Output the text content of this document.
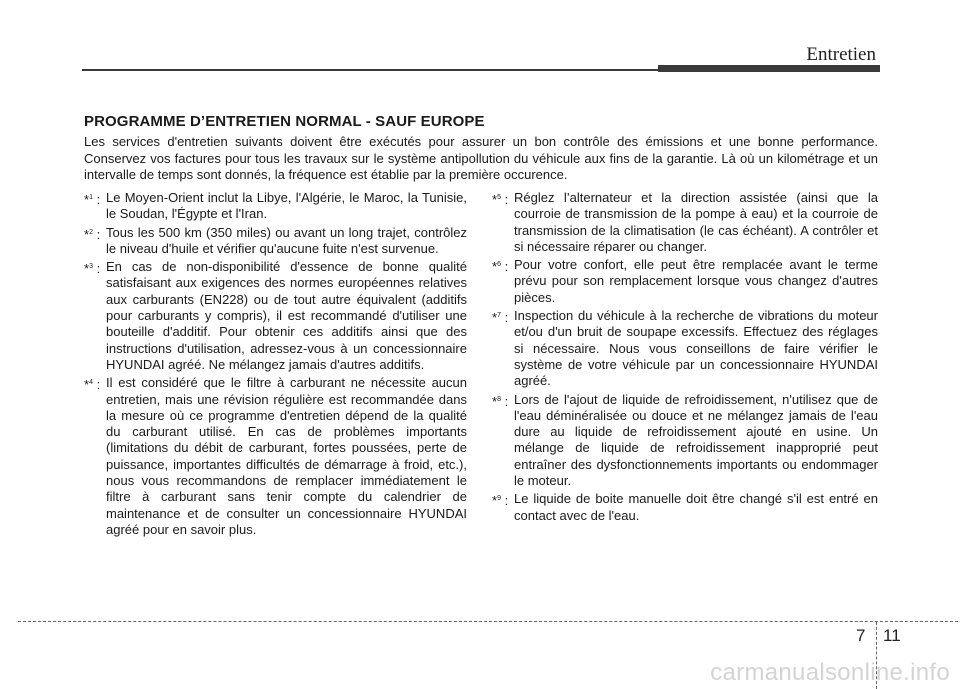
Entretien
PROGRAMME D’ENTRETIEN NORMAL - SAUF EUROPE
Les services d'entretien suivants doivent être exécutés pour assurer un bon contrôle des émissions et une bonne performance. Conservez vos factures pour tous les travaux sur le système antipollution du véhicule aux fins de la garantie. Là où un kilométrage et un intervalle de temps sont donnés, la fréquence est établie par la première occurence.
*$^1$ : Le Moyen-Orient inclut la Libye, l'Algérie, le Maroc, la Tunisie, le Soudan, l'Égypte et l'Iran.
*$^2$ : Tous les 500 km (350 miles) ou avant un long trajet, contrôlez le niveau d'huile et vérifier qu'aucune fuite n'est survenue.
*$^3$ : En cas de non-disponibilité d'essence de bonne qualité satisfaisant aux exigences des normes européennes relatives aux carburants (EN228) ou de tout autre équivalent (additifs pour carburants y compris), il est recommandé d'utiliser une bouteille d'additif. Pour obtenir ces additifs ainsi que des instructions d'utilisation, adressez-vous à un concessionnaire HYUNDAI agréé. Ne mélangez jamais d'autres additifs.
*$^4$ : Il est considéré que le filtre à carburant ne nécessite aucun entretien, mais une révision régulière est recommandée dans la mesure où ce programme d'entretien dépend de la qualité du carburant utilisé. En cas de problèmes importants (limitations du débit de carburant, fortes poussées, perte de puissance, importantes difficultés de démarrage à froid, etc.), nous vous recommandons de remplacer immédiatement le filtre à carburant sans tenir compte du calendrier de maintenance et de consulter un concessionnaire HYUNDAI agréé pour en savoir plus.
*$^5$ : Réglez l’alternateur et la direction assistée (ainsi que la courroie de transmission de la pompe à eau) et la courroie de transmission de la climatisation (le cas échéant). A contrôler et si nécessaire réparer ou changer.
*$^6$ : Pour votre confort, elle peut être remplacée avant le terme prévu pour son remplacement lorsque vous changez d'autres pièces.
*$^7$ : Inspection du véhicule à la recherche de vibrations du moteur et/ou d'un bruit de soupape excessifs. Effectuez des réglages si nécessaire. Nous vous conseillons de faire vérifier le système de votre véhicule par un concessionnaire HYUNDAI agréé.
*$^8$ : Lors de l'ajout de liquide de refroidissement, n'utilisez que de l'eau déminéralisée ou douce et ne mélangez jamais de l'eau dure au liquide de refroidissement ajouté en usine. Un mélange de liquide de refroidissement inapproprié peut entraîner des dysfonctionnements importants ou endommager le moteur.
*$^9$ : Le liquide de boite manuelle doit être changé s'il est entré en contact avec de l'eau.
7 11
carmanualsonline.info
